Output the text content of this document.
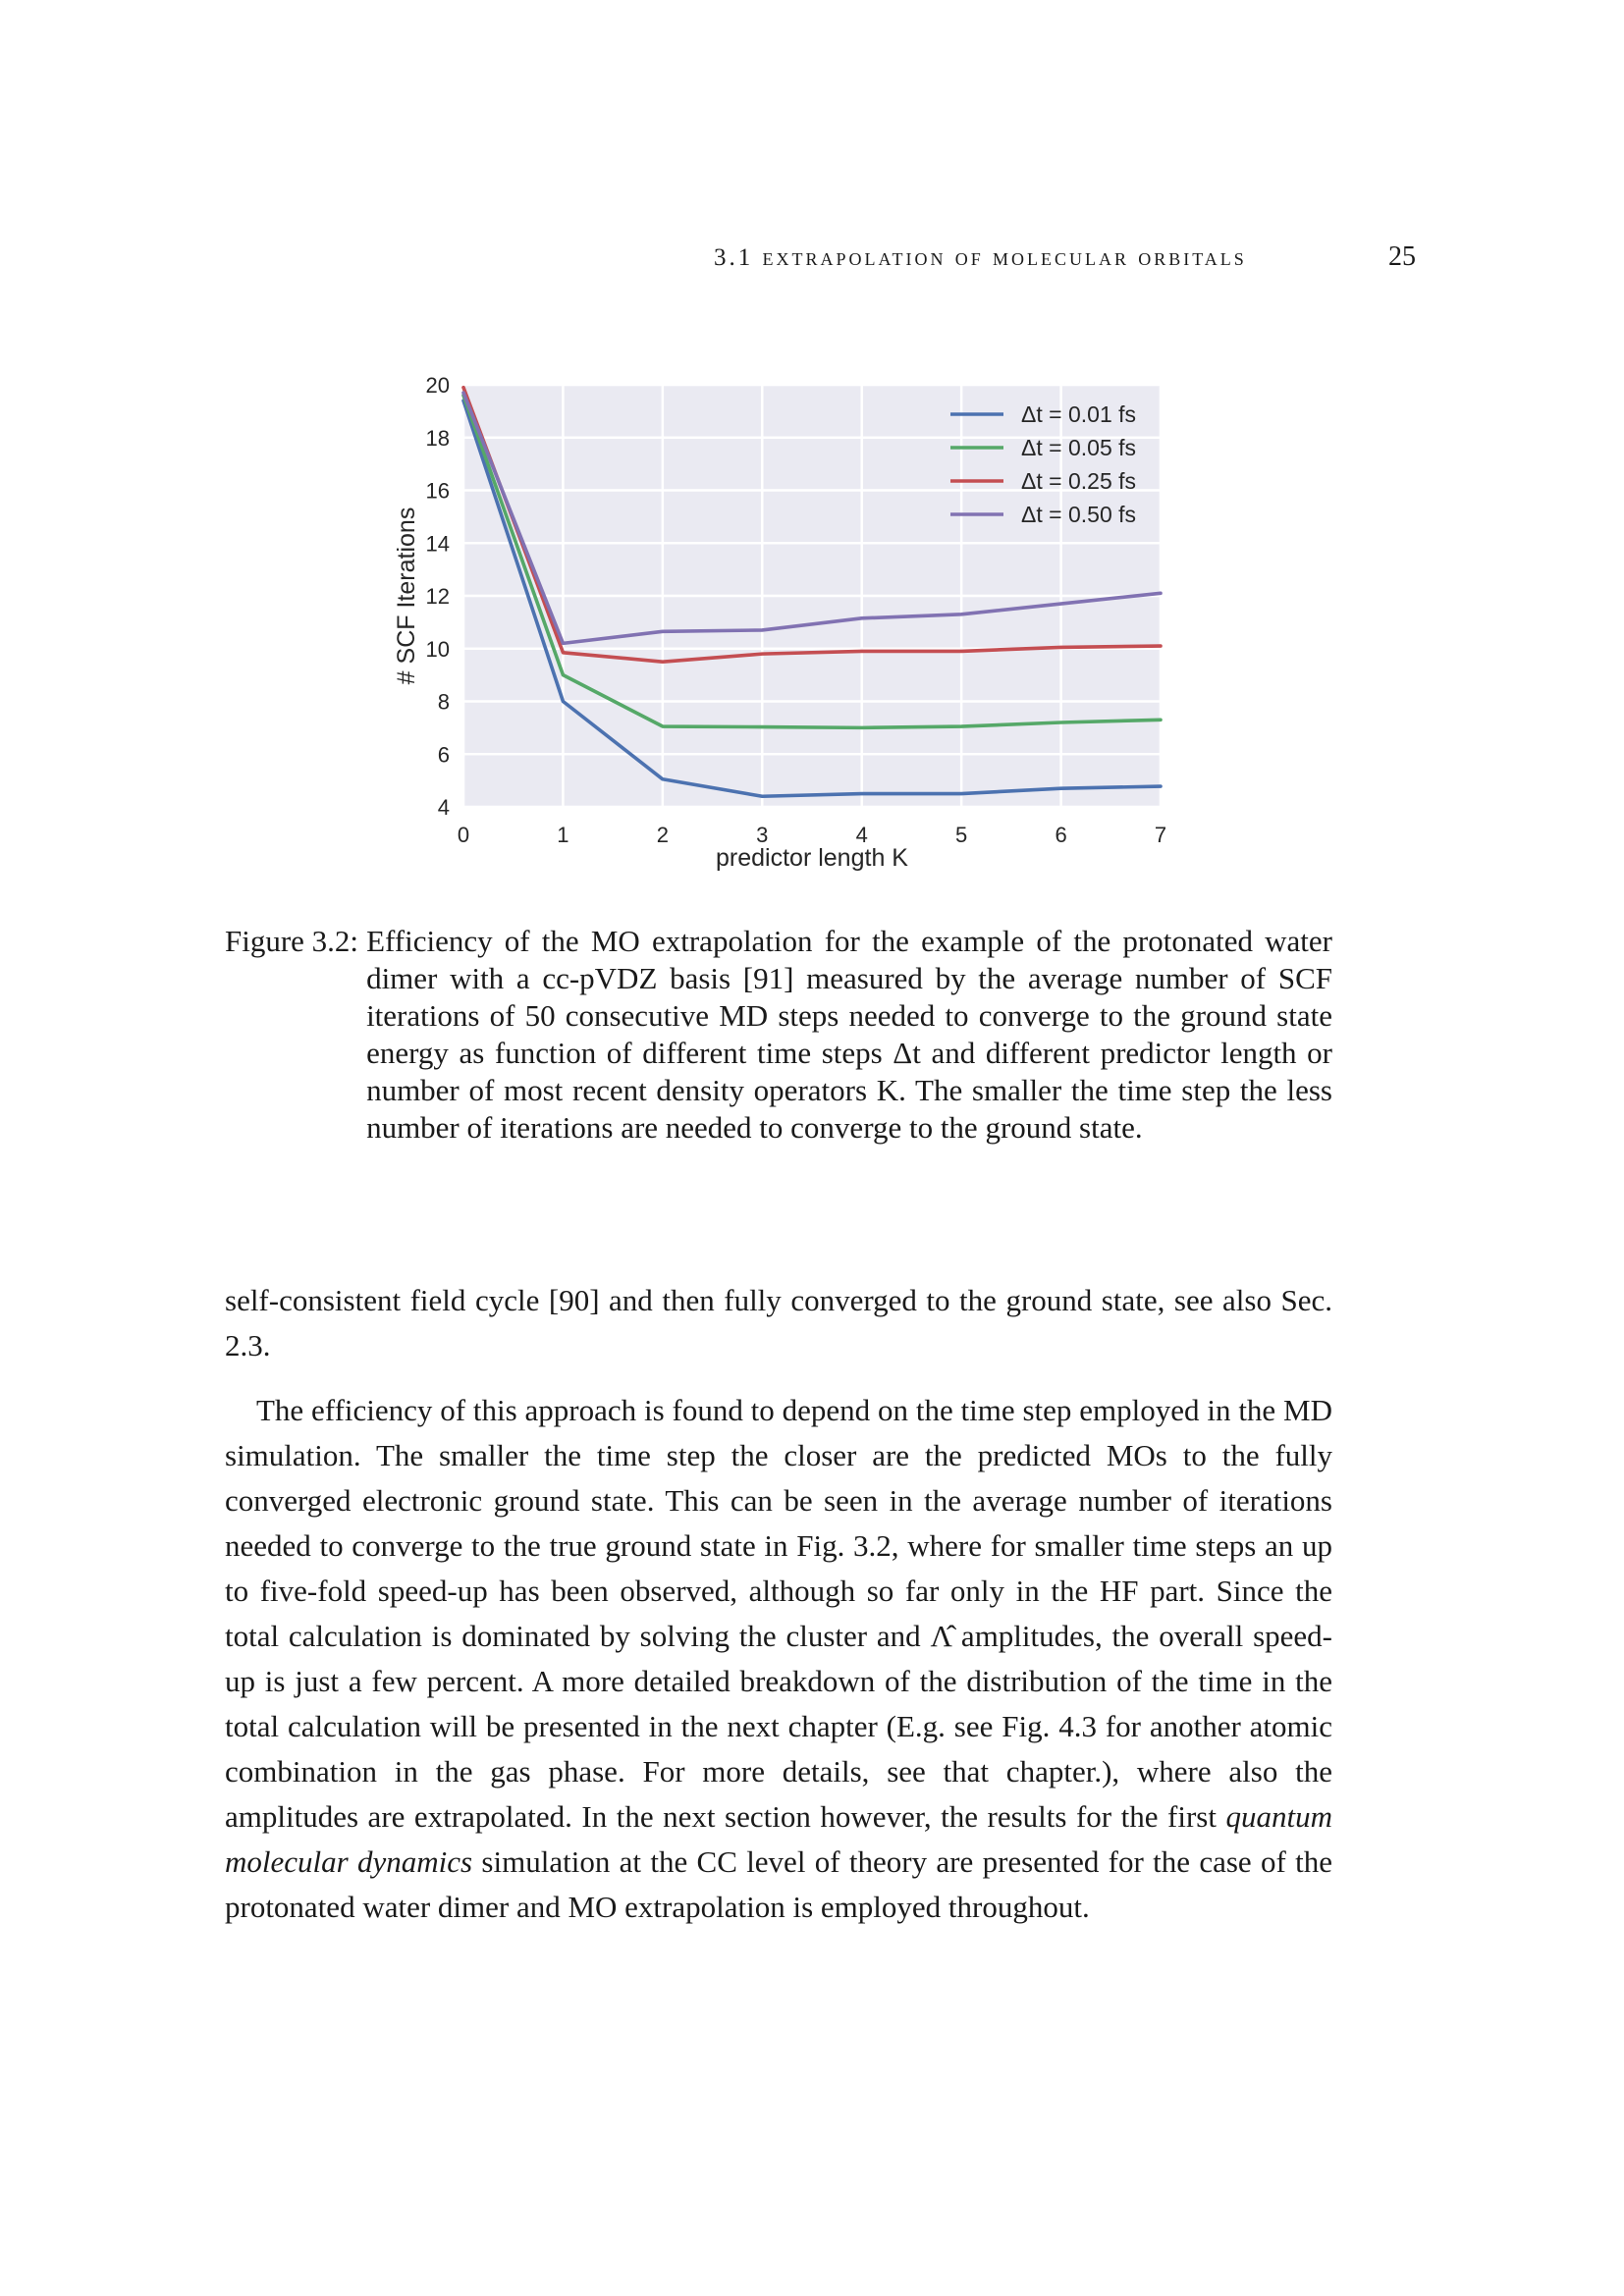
3.1 extrapolation of molecular orbitals	25
0	1	2	3	4	5	6	7
4
6
8
10
12
14
16
18
20
predictor length K
# SCF Iterations
Δt = 0.01 fs
Δt = 0.05 fs
Δt = 0.25 fs
Δt = 0.50 fs
Figure 3.2: Efficiency of the MO extrapolation for the example of the protonated water dimer with a cc-pVDZ basis [91] measured by the average number of SCF iterations of 50 consecutive MD steps needed to converge to the ground state energy as function of different time steps Δt and different predictor length or number of most recent density operators K. The smaller the time step the less number of iterations are needed to converge to the ground state.

self-consistent field cycle [90] and then fully converged to the ground state, see also Sec. 2.3.

The efficiency of this approach is found to depend on the time step employed in the MD simulation. The smaller the time step the closer are the predicted MOs to the fully converged electronic ground state. This can be seen in the average number of iterations needed to converge to the true ground state in Fig. 3.2, where for smaller time steps an up to five-fold speed-up has been observed, although so far only in the HF part. Since the total calculation is dominated by solving the cluster and Λ̂ amplitudes, the overall speed-up is just a few percent. A more detailed breakdown of the distribution of the time in the total calculation will be presented in the next chapter (E.g. see Fig. 4.3 for another atomic combination in the gas phase. For more details, see that chapter.), where also the amplitudes are extrapolated. In the next section however, the results for the first quantum molecular dynamics simulation at the CC level of theory are presented for the case of the protonated water dimer and MO extrapolation is employed throughout.
